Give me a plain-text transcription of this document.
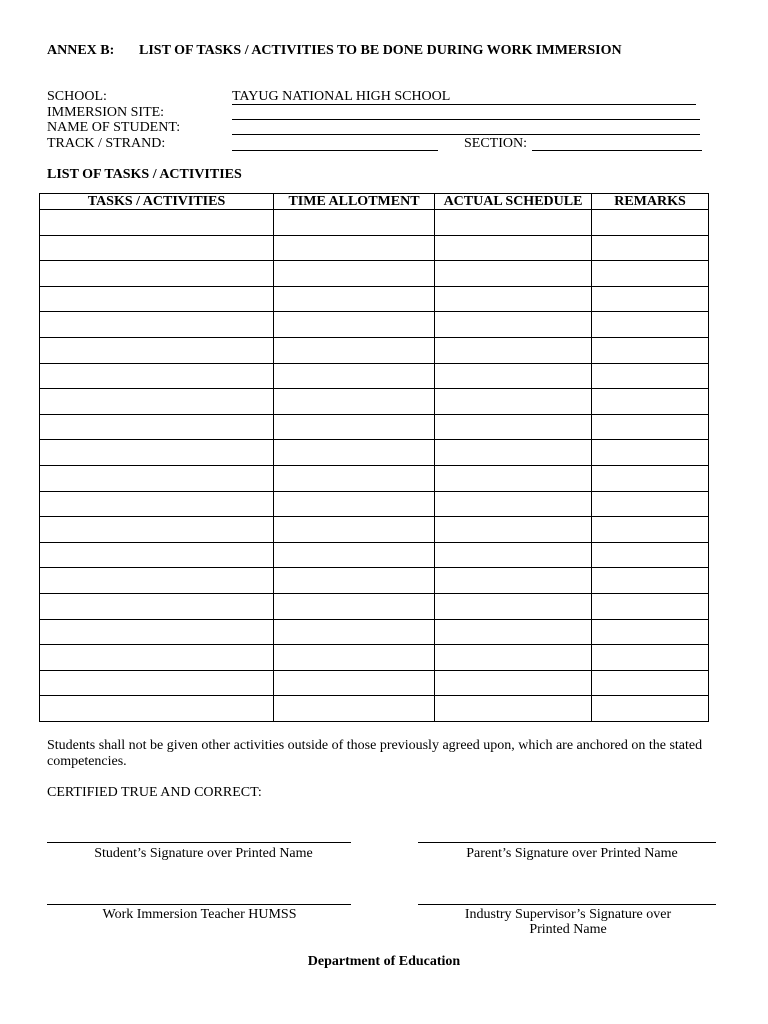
ANNEX B: LIST OF TASKS / ACTIVITIES TO BE DONE DURING WORK IMMERSION
SCHOOL:	TAYUG NATIONAL HIGH SCHOOL
IMMERSION SITE:
NAME OF STUDENT:
TRACK / STRAND:	SECTION:
LIST OF TASKS / ACTIVITIES
TASKS / ACTIVITIES	TIME ALLOTMENT	ACTUAL SCHEDULE	REMARKS

Students shall not be given other activities outside of those previously agreed upon, which are anchored on the stated competencies.
CERTIFIED TRUE AND CORRECT:
Student’s Signature over Printed Name	Parent’s Signature over Printed Name
Work Immersion Teacher HUMSS	Industry Supervisor’s Signature over
Printed Name
Department of Education
